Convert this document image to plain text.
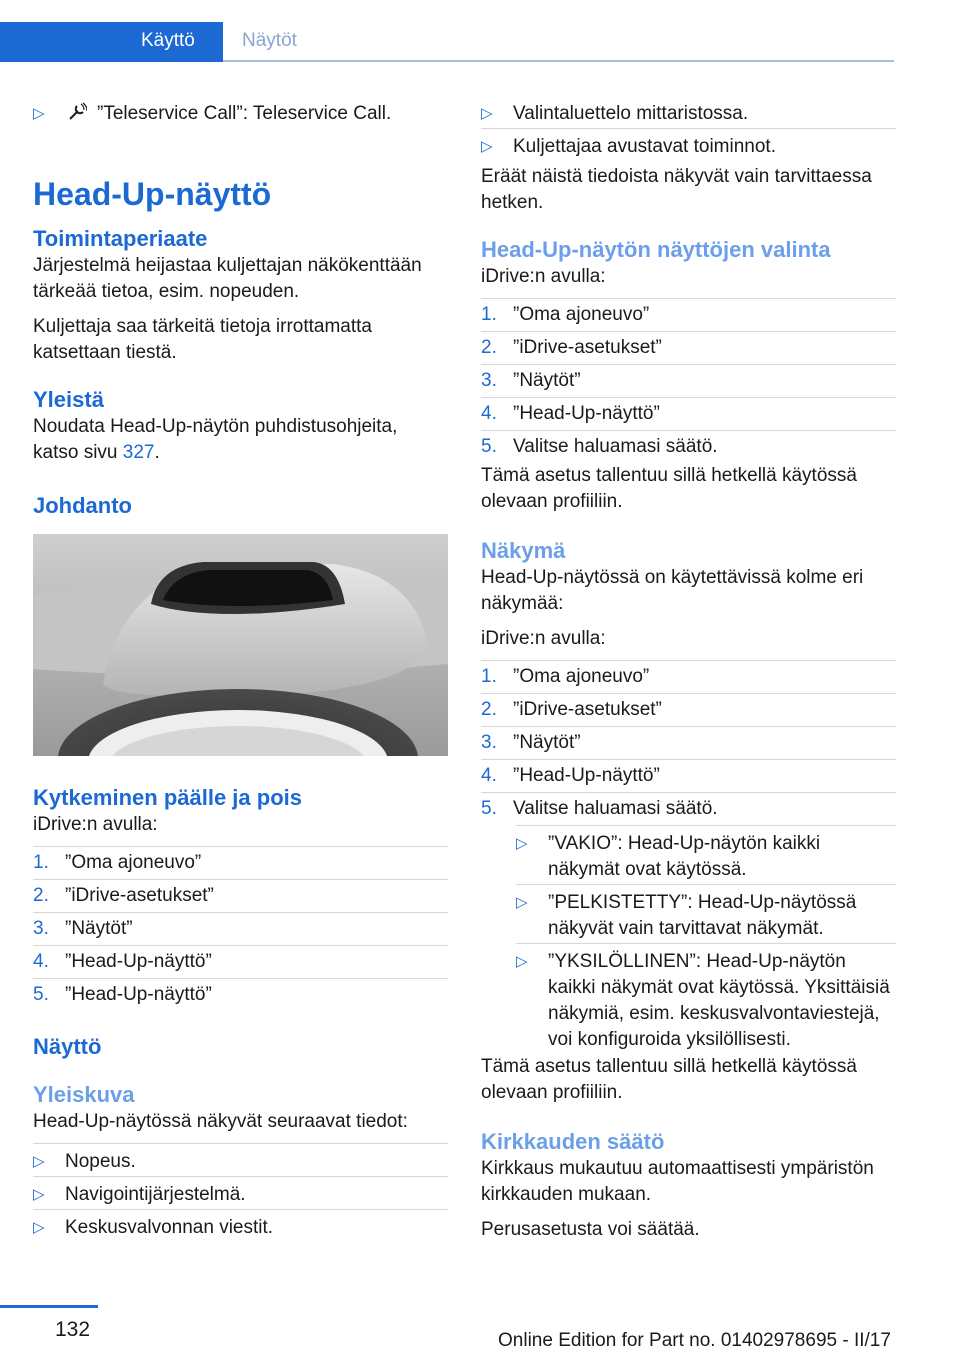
Käyttö Näytöt
▷	”Teleservice Call”: Teleservice Call.
Head-Up-näyttö
Toimintaperiaate

Järjestelmä heijastaa kuljettajan näkökenttään tärkeää tietoa, esim. nopeuden.

Kuljettaja saa tärkeitä tietoja irrottamatta katsettaan tiestä.

Yleistä

Noudata Head-Up-näytön puhdistusohjeita, katso sivu 327.

Johdanto
Kytkeminen päälle ja pois

iDrive:n avulla:

1. ”Oma ajoneuvo”
2. ”iDrive-asetukset”
3. ”Näytöt”
4. ”Head-Up-näyttö”
5. ”Head-Up-näyttö”
Näyttö
Yleiskuva

Head-Up-näytössä näkyvät seuraavat tiedot:

▷ Nopeus.
▷ Navigointijärjestelmä.
▷ Keskusvalvonnan viestit.
▷ Valintaluettelo mittaristossa.
▷ Kuljettajaa avustavat toiminnot.

Eräät näistä tiedoista näkyvät vain tarvittaessa hetken.

Head-Up-näytön näyttöjen valinta

iDrive:n avulla:

1. ”Oma ajoneuvo”
2. ”iDrive-asetukset”
3. ”Näytöt”
4. ”Head-Up-näyttö”
5. Valitse haluamasi säätö.

Tämä asetus tallentuu sillä hetkellä käytössä olevaan profiiliin.

Näkymä

Head-Up-näytössä on käytettävissä kolme eri näkymää:

iDrive:n avulla:

1. ”Oma ajoneuvo”
2. ”iDrive-asetukset”
3. ”Näytöt”
4. ”Head-Up-näyttö”
5. Valitse haluamasi säätö.
▷ ”VAKIO”: Head-Up-näytön kaikki näkymät ovat käytössä.
▷ ”PELKISTETTY”: Head-Up-näytössä näkyvät vain tarvittavat näkymät.
▷ ”YKSILÖLLINEN”: Head-Up-näytön kaikki näkymät ovat käytössä. Yksittäisiä näkymiä, esim. keskusvalvontaviestejä, voi konfiguroida yksilöllisesti.

Tämä asetus tallentuu sillä hetkellä käytössä olevaan profiiliin.

Kirkkauden säätö

Kirkkaus mukautuu automaattisesti ympäristön kirkkauden mukaan.

Perusasetusta voi säätää.

132	Online Edition for Part no. 01402978695 - II/17
